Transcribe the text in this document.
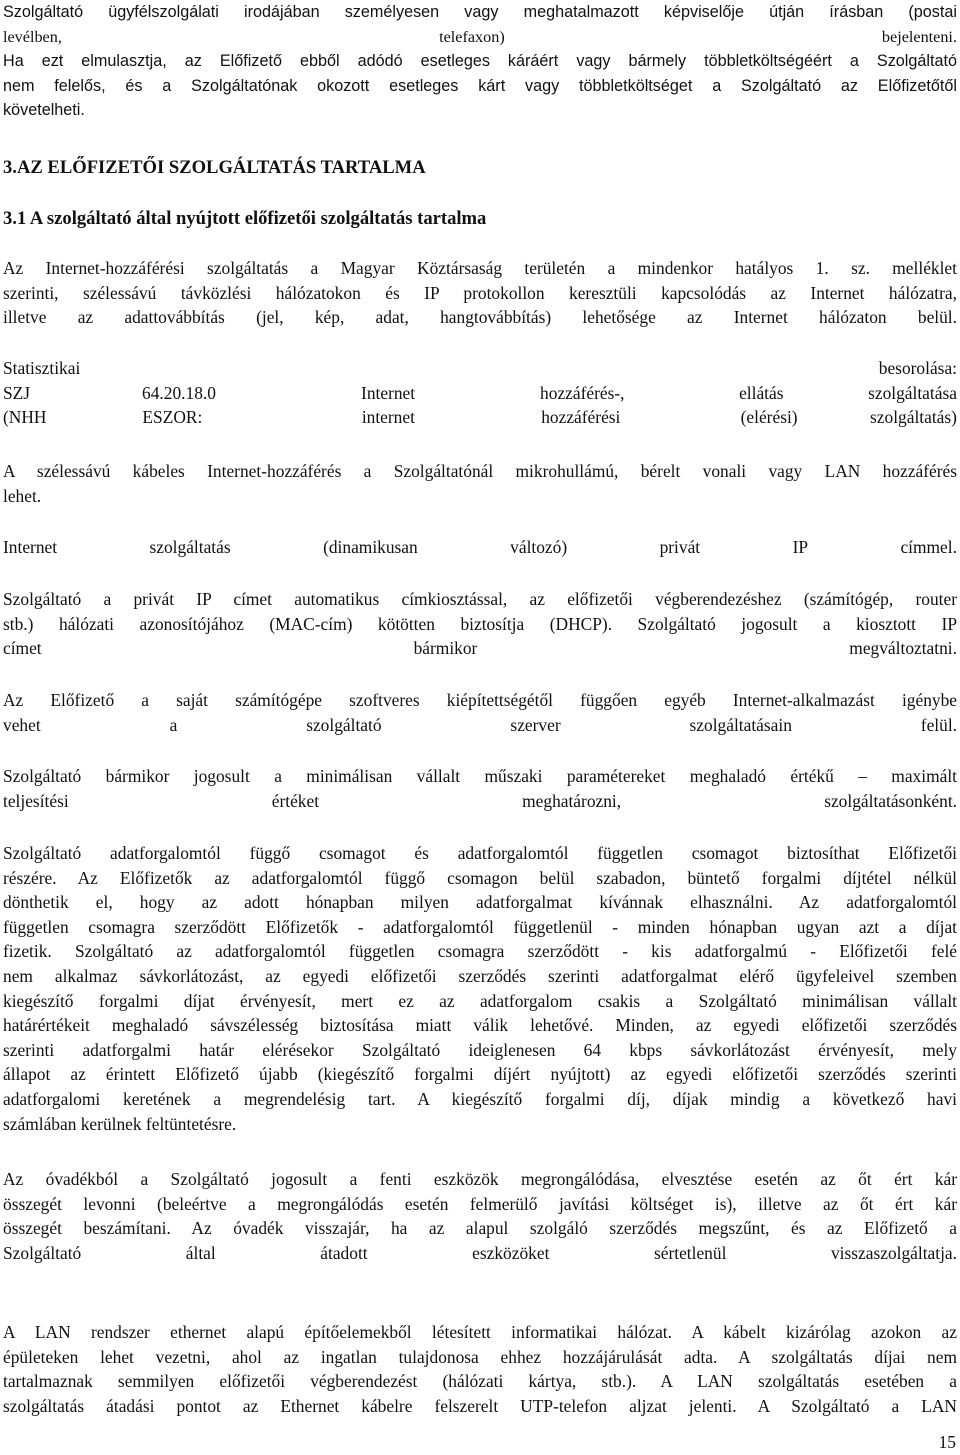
Szolgáltató ügyfélszolgálati irodájában személyesen vagy meghatalmazott képviselője útján írásban (postai
levélben,	telefaxon)	bejelenteni.
Ha ezt elmulasztja, az Előfizető ebből adódó esetleges káráért vagy bármely többletköltségéért a Szolgáltató
nem felelős, és a Szolgáltatónak okozott esetleges kárt vagy többletköltséget a Szolgáltató az Előfizetőtől
követelheti.
3.AZ ELŐFIZETŐI SZOLGÁLTATÁS TARTALMA
3.1 A szolgáltató által nyújtott előfizetői szolgáltatás tartalma
Az Internet-hozzáférési szolgáltatás a Magyar Köztársaság területén a mindenkor hatályos 1. sz. melléklet
szerinti, szélessávú távközlési hálózatokon és IP protokollon keresztüli kapcsolódás az Internet hálózatra,
illetve az adattovábbítás (jel, kép, adat, hangtovábbítás) lehetősége az Internet hálózaton belül.
Statisztikai	besorolása:
SZJ	64.20.18.0	Internet	hozzáférés-,	ellátás	szolgáltatása
(NHH	ESZOR:	internet	hozzáférési	(elérési)	szolgáltatás)
A szélessávú kábeles Internet-hozzáférés a Szolgáltatónál mikrohullámú, bérelt vonali vagy LAN hozzáférés
lehet.
Internet	szolgáltatás	(dinamikusan	változó)	privát	IP	címmel.
Szolgáltató a privát IP címet automatikus címkiosztással, az előfizetői végberendezéshez (számítógép, router
stb.) hálózati azonosítójához (MAC-cím) kötötten biztosítja (DHCP). Szolgáltató jogosult a kiosztott IP
címet	bármikor	megváltoztatni.
Az Előfizető a saját számítógépe szoftveres kiépítettségétől függően egyéb Internet-alkalmazást igénybe
vehet	a	szolgáltató	szerver	szolgáltatásain	felül.
Szolgáltató bármikor jogosult a minimálisan vállalt műszaki paramétereket meghaladó értékű – maximált
teljesítési	értéket	meghatározni,	szolgáltatásonként.
Szolgáltató adatforgalomtól függő csomagot és adatforgalomtól független csomagot biztosíthat Előfizetői
részére. Az Előfizetők az adatforgalomtól függő csomagon belül szabadon, büntető forgalmi díjtétel nélkül
dönthetik el, hogy az adott hónapban milyen adatforgalmat kívánnak elhasználni. Az adatforgalomtól
független csomagra szerződött Előfizetők - adatforgalomtól függetlenül - minden hónapban ugyan azt a díjat
fizetik. Szolgáltató az adatforgalomtól független csomagra szerződött - kis adatforgalmú - Előfizetői felé
nem alkalmaz sávkorlátozást, az egyedi előfizetői szerződés szerinti adatforgalmat elérő ügyfeleivel szemben
kiegészítő forgalmi díjat érvényesít, mert ez az adatforgalom csakis a Szolgáltató minimálisan vállalt
határértékeit meghaladó sávszélesség biztosítása miatt válik lehetővé. Minden, az egyedi előfizetői szerződés
szerinti adatforgalmi határ elérésekor Szolgáltató ideiglenesen 64 kbps sávkorlátozást érvényesít, mely
állapot az érintett Előfizető újabb (kiegészítő forgalmi díjért nyújtott) az egyedi előfizetői szerződés szerinti
adatforgalomi keretének a megrendelésig tart. A kiegészítő forgalmi díj, díjak mindig a következő havi
számlában kerülnek feltüntetésre.
Az óvadékból a Szolgáltató jogosult a fenti eszközök megrongálódása, elvesztése esetén az őt ért kár
összegét levonni (beleértve a megrongálódás esetén felmerülő javítási költséget is), illetve az őt ért kár
összegét beszámítani. Az óvadék visszajár, ha az alapul szolgáló szerződés megszűnt, és az Előfizető a
Szolgáltató	által	átadott	eszközöket	sértetlenül	visszaszolgáltatja.
A LAN rendszer ethernet alapú építőelemekből létesített informatikai hálózat. A kábelt kizárólag azokon az
épületeken lehet vezetni, ahol az ingatlan tulajdonosa ehhez hozzájárulását adta. A szolgáltatás díjai nem
tartalmaznak semmilyen előfizetői végberendezést (hálózati kártya, stb.). A LAN szolgáltatás esetében a
szolgáltatás átadási pontot az Ethernet kábelre felszerelt UTP-telefon aljzat jelenti. A Szolgáltató a LAN
15
